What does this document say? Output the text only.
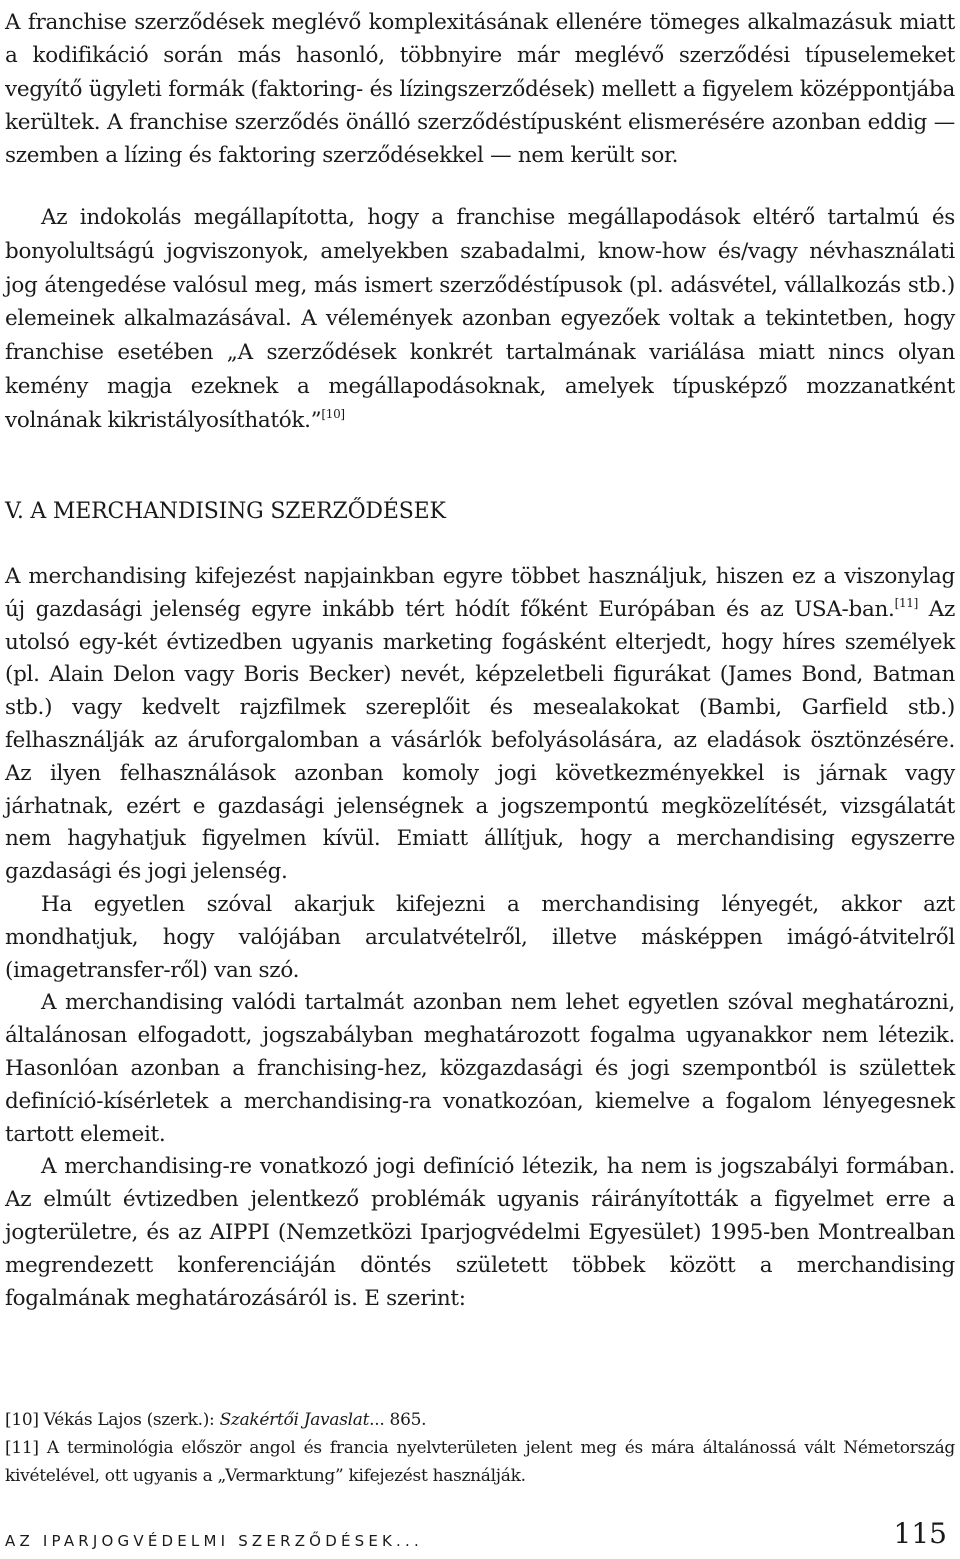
A franchise szerződések meglévő komplexitásának ellenére tömeges alkalmazásuk miatt a kodifikáció során más hasonló, többnyire már meglévő szerződési típuselemeket vegyítő ügyleti formák (faktoring- és lízingszerződések) mellett a figyelem középpontjába kerültek. A franchise szerződés önálló szerződéstípusként elismerésére azonban eddig — szemben a lízing és faktoring szerződésekkel — nem került sor.
Az indokolás megállapította, hogy a franchise megállapodások eltérő tartalmú és bonyolultságú jogviszonyok, amelyekben szabadalmi, know-how és/vagy névhasználati jog átengedése valósul meg, más ismert szerződéstípusok (pl. adásvétel, vállalkozás stb.) elemeinek alkalmazásával. A vélemények azonban egyezőek voltak a tekintetben, hogy franchise esetében „A szerződések konkrét tartalmának variálása miatt nincs olyan kemény magja ezeknek a megállapodásoknak, amelyek típusképző mozzanatként volnának kikristályosíthatók.”[10]
V. A MERCHANDISING SZERZŐDÉSEK

A merchandising kifejezést napjainkban egyre többet használjuk, hiszen ez a viszonylag új gazdasági jelenség egyre inkább tért hódít főként Európában és az USA-ban.[11] Az utolsó egy-két évtizedben ugyanis marketing fogásként elterjedt, hogy híres személyek (pl. Alain Delon vagy Boris Becker) nevét, képzeletbeli figurákat (James Bond, Batman stb.) vagy kedvelt rajzfilmek szereplőit és mesealakokat (Bambi, Garfield stb.) felhasználják az áruforgalomban a vásárlók befolyásolására, az eladások ösztönzésére. Az ilyen felhasználások azonban komoly jogi következményekkel is járnak vagy járhatnak, ezért e gazdasági jelenségnek a jogszempontú megközelítését, vizsgálatát nem hagyhatjuk figyelmen kívül. Emiatt állítjuk, hogy a merchandising egyszerre gazdasági és jogi jelenség.

Ha egyetlen szóval akarjuk kifejezni a merchandising lényegét, akkor azt mondhatjuk, hogy valójában arculatvételről, illetve másképpen imágó-átvitelről (imagetransfer-ről) van szó.

A merchandising valódi tartalmát azonban nem lehet egyetlen szóval meghatározni, általánosan elfogadott, jogszabályban meghatározott fogalma ugyanakkor nem létezik. Hasonlóan azonban a franchising-hez, közgazdasági és jogi szempontból is születtek definíció-kísérletek a merchandising-ra vonatkozóan, kiemelve a fogalom lényegesnek tartott elemeit.

A merchandising-re vonatkozó jogi definíció létezik, ha nem is jogszabályi formában. Az elmúlt évtizedben jelentkező problémák ugyanis ráirányították a figyelmet erre a jogterületre, és az AIPPI (Nemzetközi Iparjogvédelmi Egyesület) 1995-ben Montrealban megrendezett konferenciáján döntés született többek között a merchandising fogalmának meghatározásáról is. E szerint:

[10] Vékás Lajos (szerk.): Szakértői Javaslat... 865.

[11] A terminológia először angol és francia nyelvterületen jelent meg és mára általánossá vált Németország kivételével, ott ugyanis a „Vermarktung” kifejezést használják.

AZ IPARJOGVÉDELMI SZERZŐDÉSEK...	115
